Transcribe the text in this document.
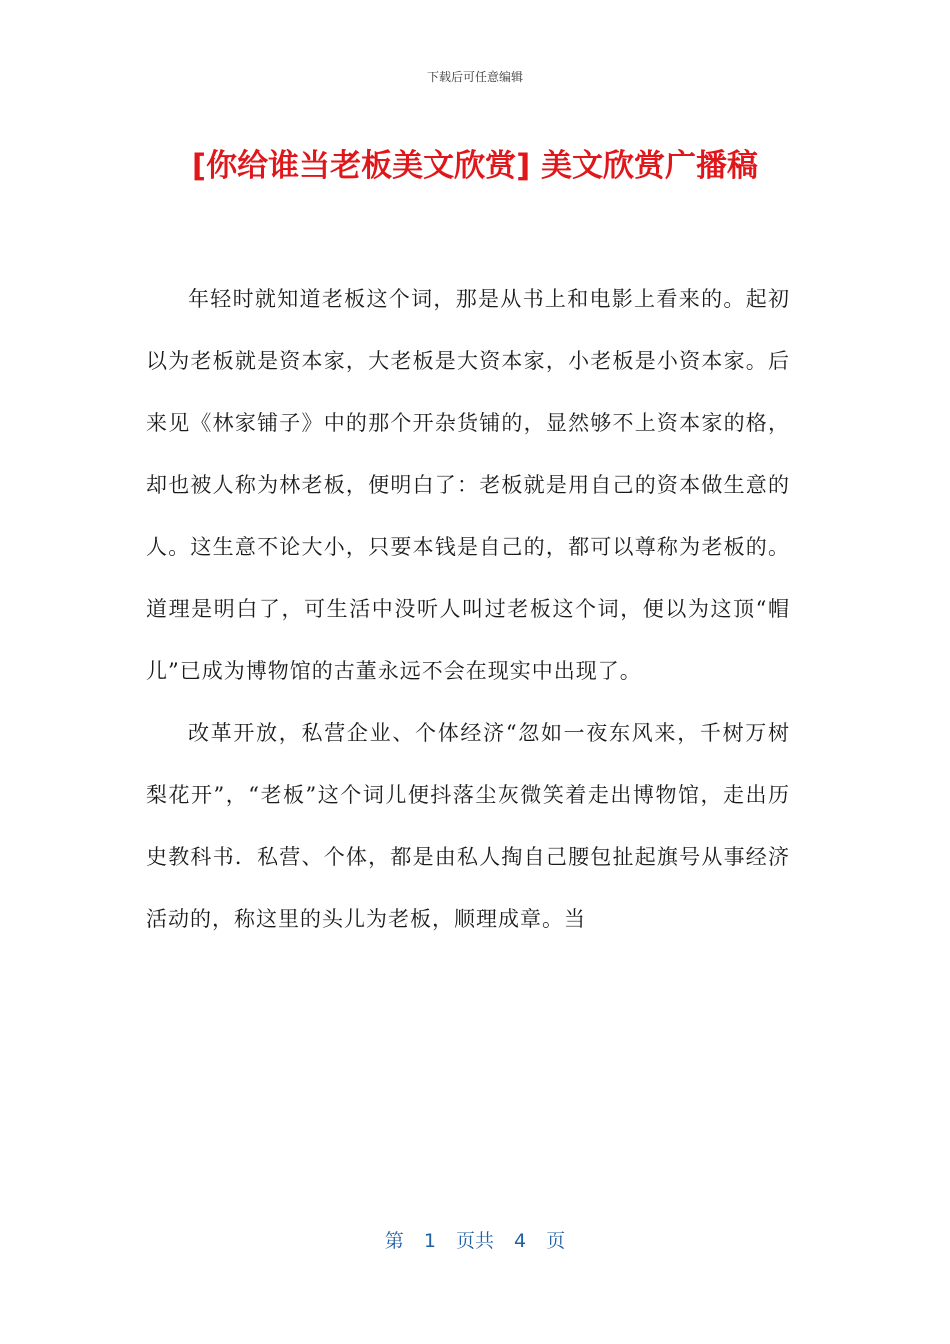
下载后可任意编辑
[你给谁当老板美文欣赏] 美文欣赏广播稿

年轻时就知道老板这个词，那是从书上和电影上看来的。起初以为老板就是资本家，大老板是大资本家，小老板是小资本家。后来见《林家铺子》中的那个开杂货铺的，显然够不上资本家的格，却也被人称为林老板，便明白了：老板就是用自己的资本做生意的人。这生意不论大小，只要本钱是自己的，都可以尊称为老板的。道理是明白了，可生活中没听人叫过老板这个词，便以为这顶“帽儿”已成为博物馆的古董永远不会在现实中出现了。

改革开放，私营企业、个体经济“忽如一夜东风来，千树万树梨花开”，“老板”这个词儿便抖落尘灰微笑着走出博物馆，走出历史教科书．私营、个体，都是由私人掏自己腰包扯起旗号从事经济活动的，称这里的头儿为老板，顺理成章。当

第 1 页共 4 页
